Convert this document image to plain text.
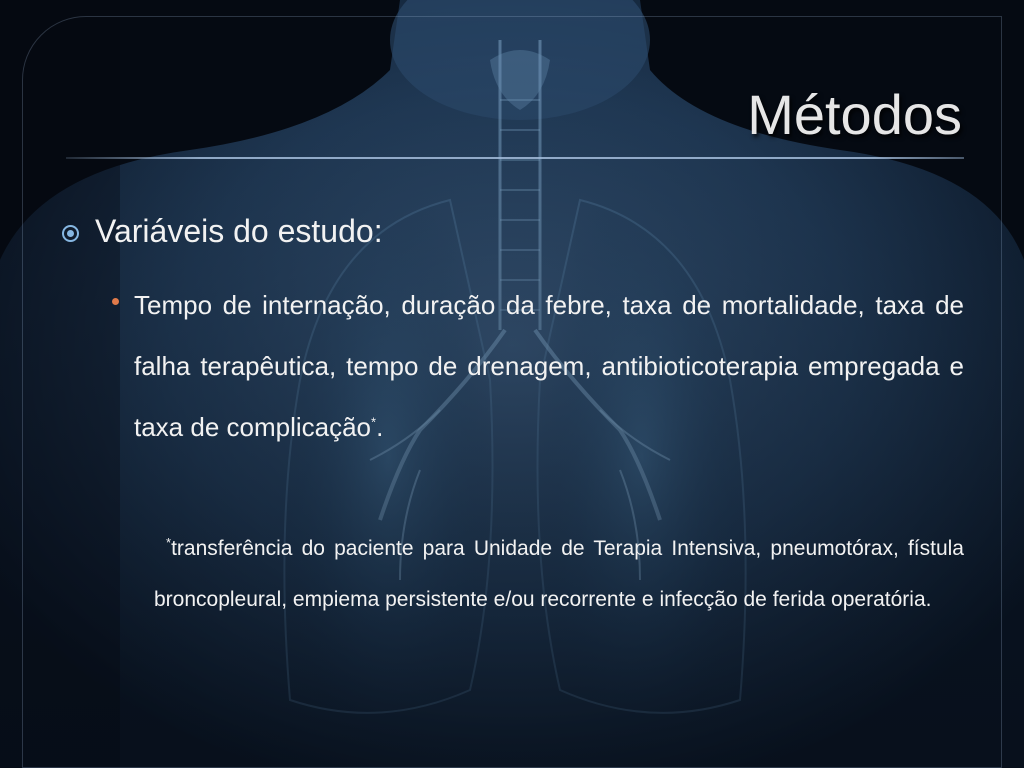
Métodos
Variáveis do estudo:
Tempo de internação, duração da febre, taxa de mortalidade, taxa de falha terapêutica, tempo de drenagem, antibioticoterapia empregada e taxa de complicação*.

*transferência do paciente para Unidade de Terapia Intensiva, pneumotórax, fístula broncopleural, empiema persistente e/ou recorrente e infecção de ferida operatória.
